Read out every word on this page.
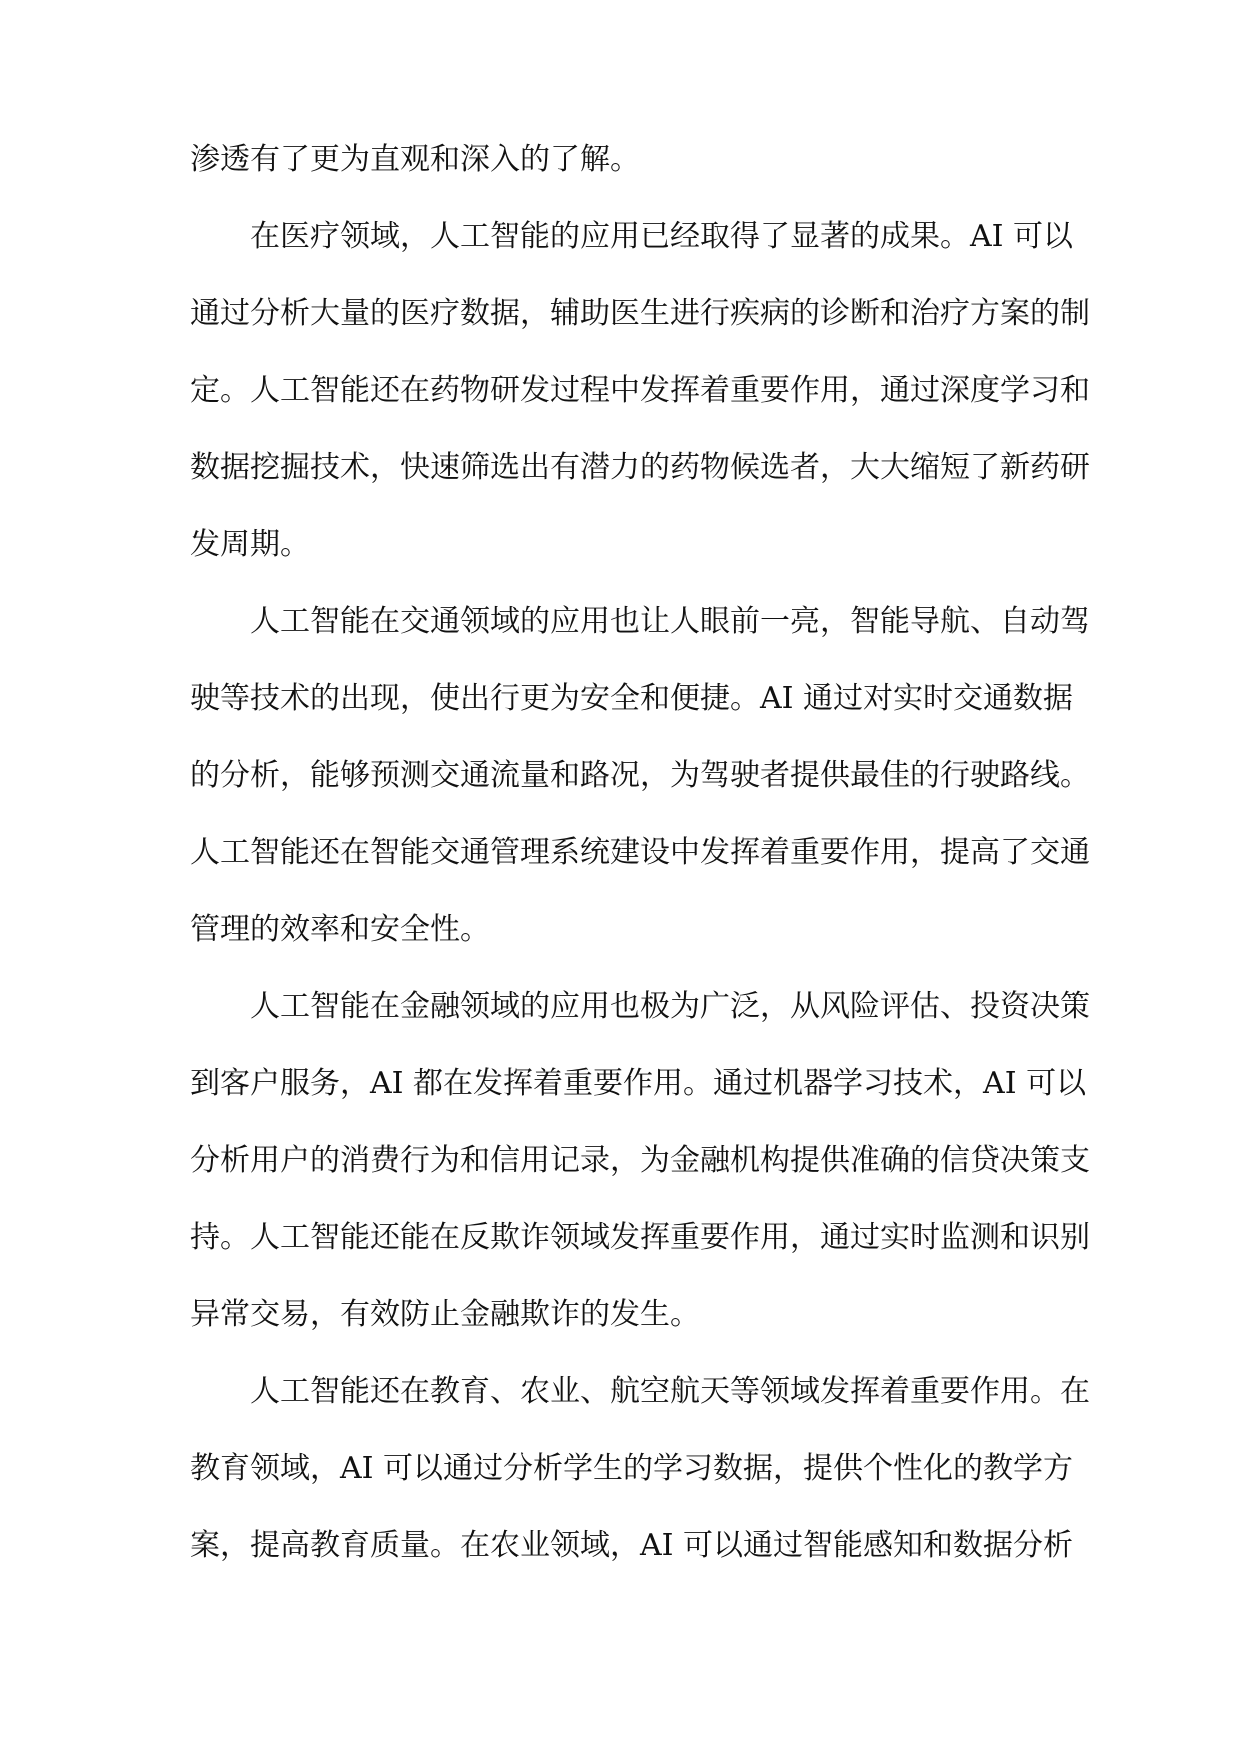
渗透有了更为直观和深入的了解。
在医疗领域，人工智能的应用已经取得了显著的成果。AI 可以
通过分析大量的医疗数据，辅助医生进行疾病的诊断和治疗方案的制
定。人工智能还在药物研发过程中发挥着重要作用，通过深度学习和
数据挖掘技术，快速筛选出有潜力的药物候选者，大大缩短了新药研
发周期。
人工智能在交通领域的应用也让人眼前一亮，智能导航、自动驾
驶等技术的出现，使出行更为安全和便捷。AI 通过对实时交通数据
的分析，能够预测交通流量和路况，为驾驶者提供最佳的行驶路线。
人工智能还在智能交通管理系统建设中发挥着重要作用，提高了交通
管理的效率和安全性。
人工智能在金融领域的应用也极为广泛，从风险评估、投资决策
到客户服务，AI 都在发挥着重要作用。通过机器学习技术，AI 可以
分析用户的消费行为和信用记录，为金融机构提供准确的信贷决策支
持。人工智能还能在反欺诈领域发挥重要作用，通过实时监测和识别
异常交易，有效防止金融欺诈的发生。
人工智能还在教育、农业、航空航天等领域发挥着重要作用。在
教育领域，AI 可以通过分析学生的学习数据，提供个性化的教学方
案，提高教育质量。在农业领域，AI 可以通过智能感知和数据分析
